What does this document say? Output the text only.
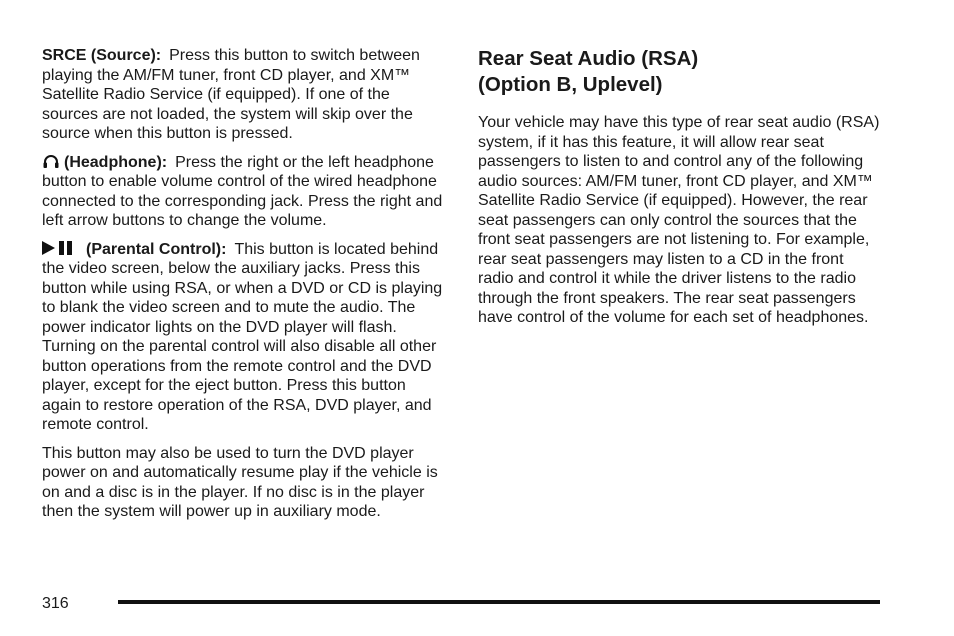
SRCE (Source): Press this button to switch between playing the AM/FM tuner, front CD player, and XM™ Satellite Radio Service (if equipped). If one of the sources are not loaded, the system will skip over the source when this button is pressed.

(Headphone): Press the right or the left headphone button to enable volume control of the wired headphone connected to the corresponding jack. Press the right and left arrow buttons to change the volume.

(Parental Control): This button is located behind the video screen, below the auxiliary jacks. Press this button while using RSA, or when a DVD or CD is playing to blank the video screen and to mute the audio. The power indicator lights on the DVD player will flash. Turning on the parental control will also disable all other button operations from the remote control and the DVD player, except for the eject button. Press this button again to restore operation of the RSA, DVD player, and remote control.

This button may also be used to turn the DVD player power on and automatically resume play if the vehicle is on and a disc is in the player. If no disc is in the player then the system will power up in auxiliary mode.

Rear Seat Audio (RSA)
(Option B, Uplevel)

Your vehicle may have this type of rear seat audio (RSA) system, if it has this feature, it will allow rear seat passengers to listen to and control any of the following audio sources: AM/FM tuner, front CD player, and XM™ Satellite Radio Service (if equipped). However, the rear seat passengers can only control the sources that the front seat passengers are not listening to. For example, rear seat passengers may listen to a CD in the front radio and control it while the driver listens to the radio through the front speakers. The rear seat passengers have control of the volume for each set of headphones.

316
